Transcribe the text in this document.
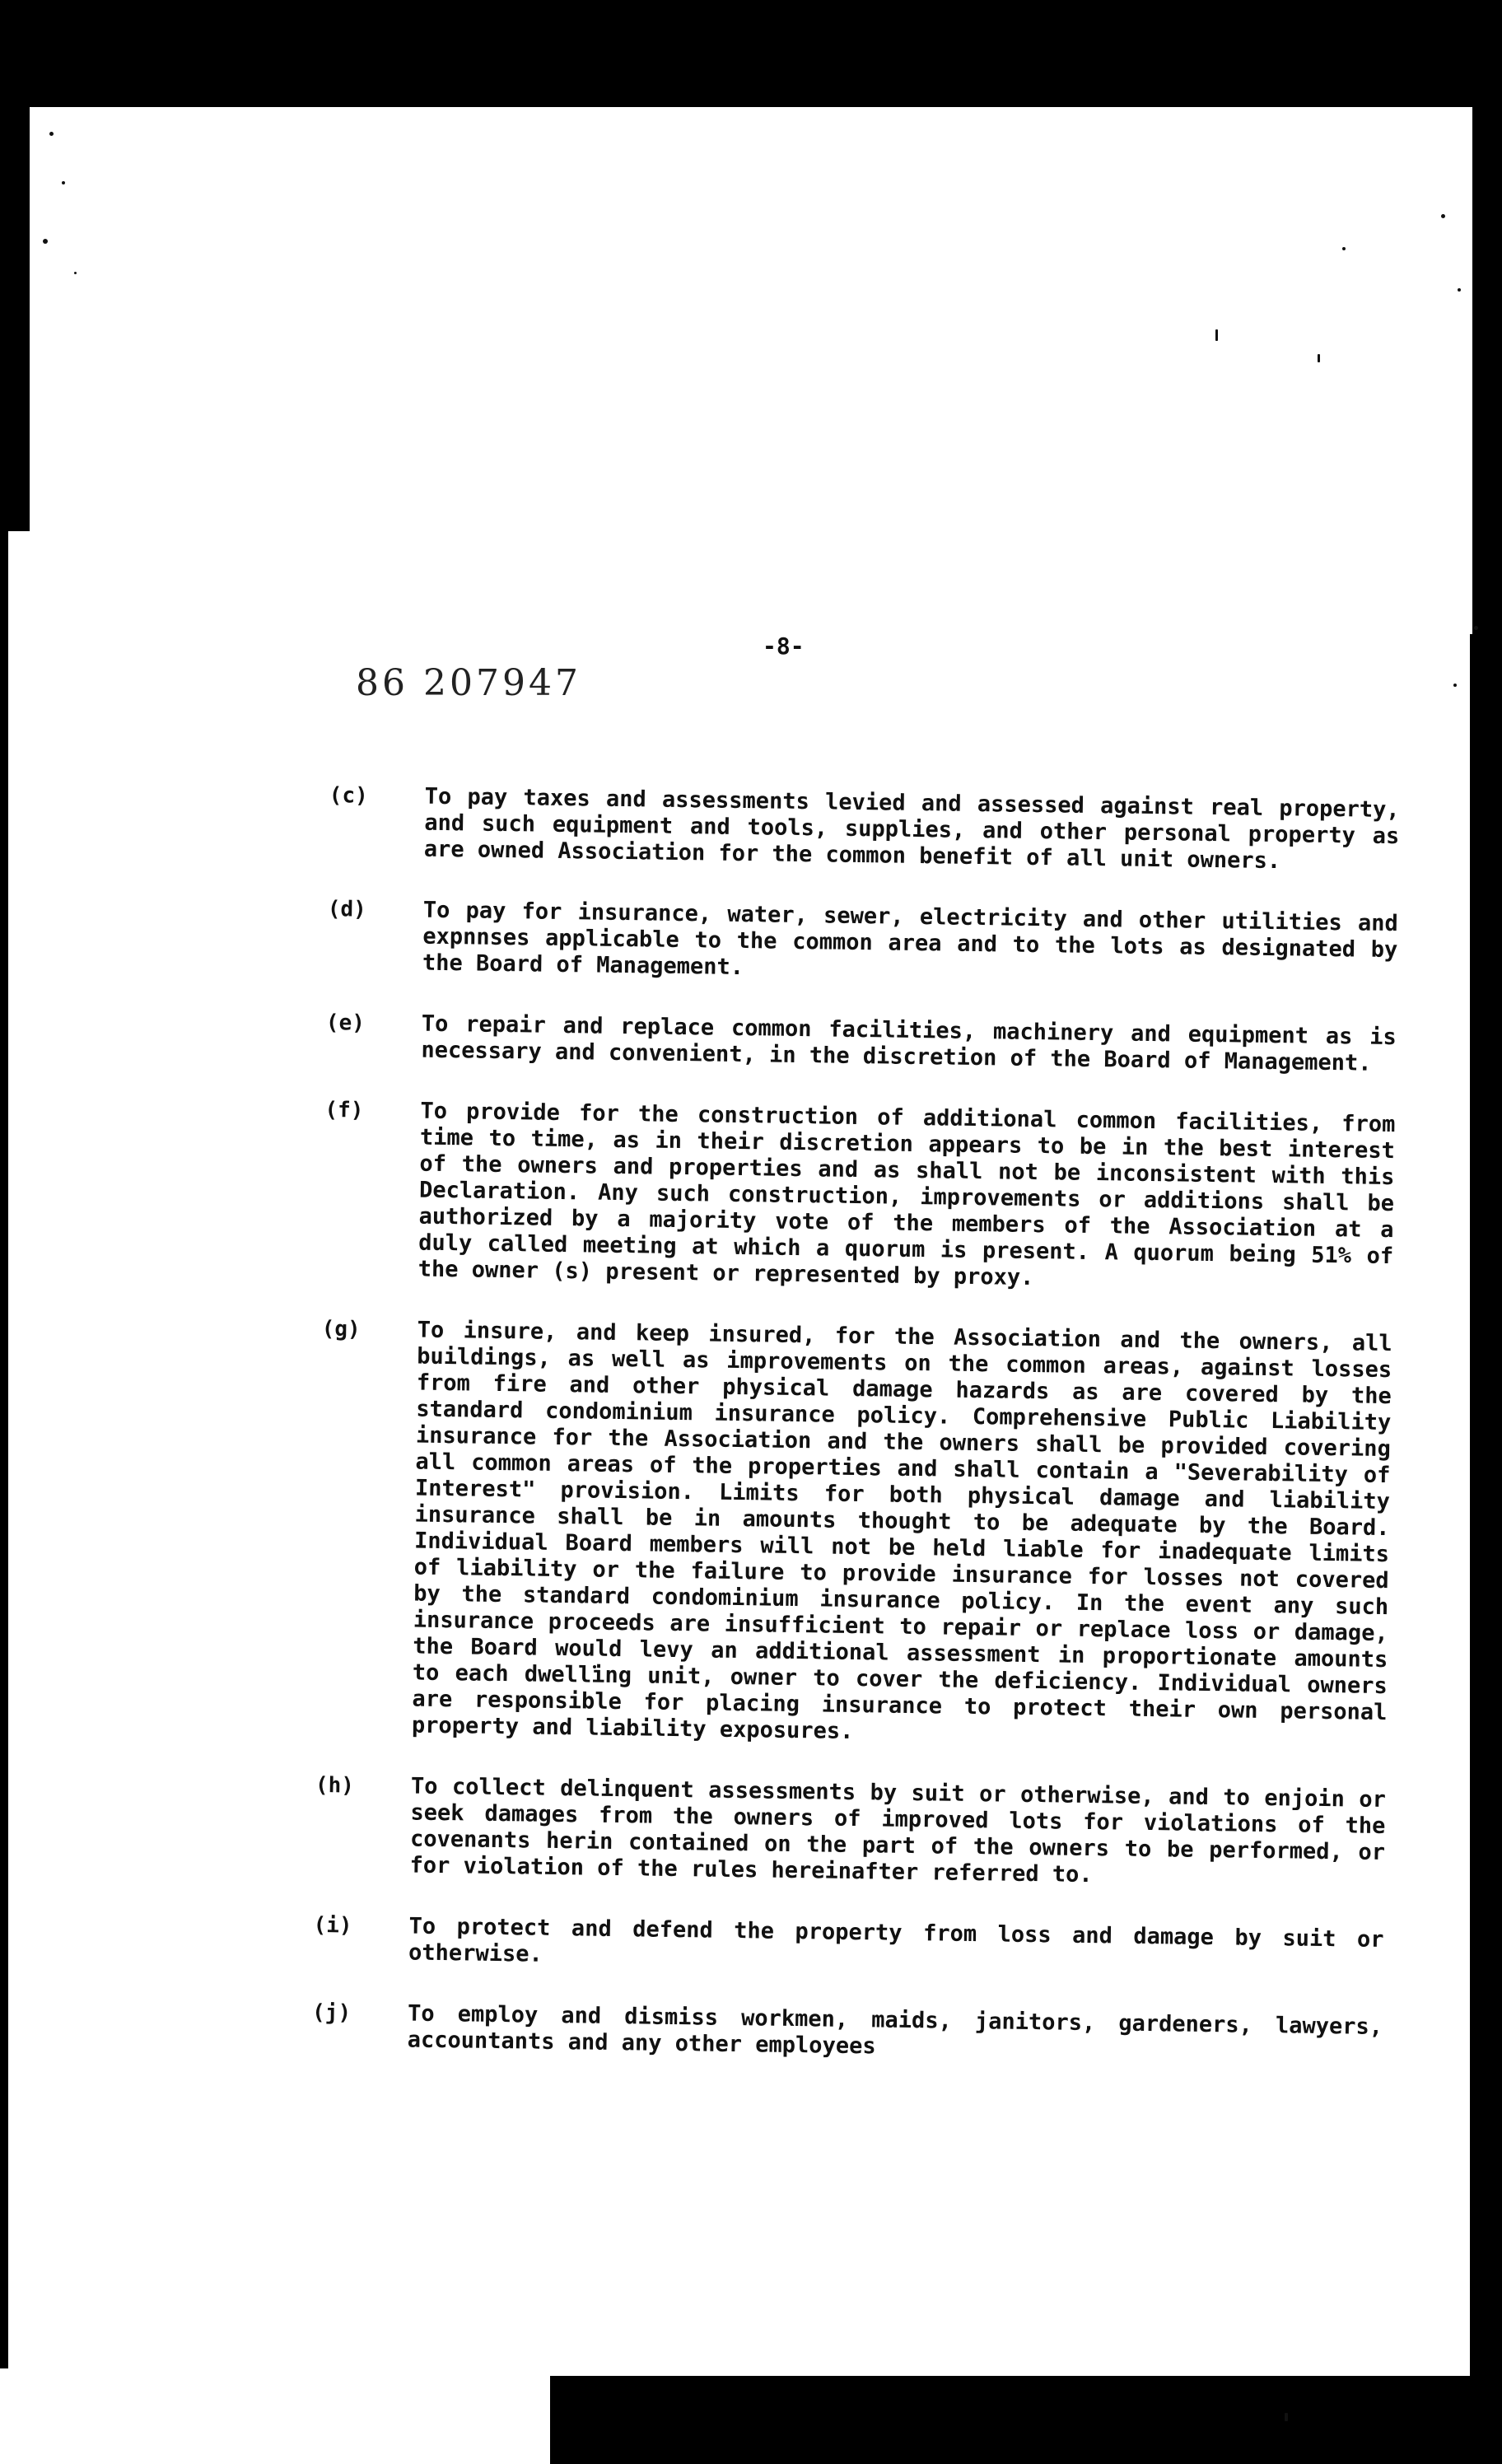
-8-
86 207947
(c)	To pay taxes and assessments levied and assessed against real property, and such equipment and tools, supplies, and other personal property as are owned Association for the common benefit of all unit owners.
(d)	To pay for insurance, water, sewer, electricity and other utilities and expnnses applicable to the common area and to the lots as designated by the Board of Management.
(e)	To repair and replace common facilities, machinery and equipment as is necessary and convenient, in the discretion of the Board of Management.
(f)	To provide for the construction of additional common facilities, from time to time, as in their discretion appears to be in the best interest of the owners and properties and as shall not be inconsistent with this Declaration. Any such construction, improvements or additions shall be authorized by a majority vote of the members of the Association at a duly called meeting at which a quorum is present. A quorum being 51% of the owner (s) present or represented by proxy.
(g)	To insure, and keep insured, for the Association and the owners, all buildings, as well as improvements on the common areas, against losses from fire and other physical damage hazards as are covered by the standard condominium insurance policy. Comprehensive Public Liability insurance for the Association and the owners shall be provided covering all common areas of the properties and shall contain a "Severability of Interest" provision. Limits for both physical damage and liability insurance shall be in amounts thought to be adequate by the Board. Individual Board members will not be held liable for inadequate limits of liability or the failure to provide insurance for losses not covered by the standard condominium insurance policy. In the event any such insurance proceeds are insufficient to repair or replace loss or damage, the Board would levy an additional assessment in proportionate amounts to each dwelling unit, owner to cover the deficiency. Individual owners are responsible for placing insurance to protect their own personal property and liability exposures.
(h)	To collect delinquent assessments by suit or otherwise, and to enjoin or seek damages from the owners of improved lots for violations of the covenants herin contained on the part of the owners to be performed, or for violation of the rules hereinafter referred to.
(i)	To protect and defend the property from loss and damage by suit or otherwise.
(j)	To employ and dismiss workmen, maids, janitors, gardeners, lawyers, accountants and any other employees
